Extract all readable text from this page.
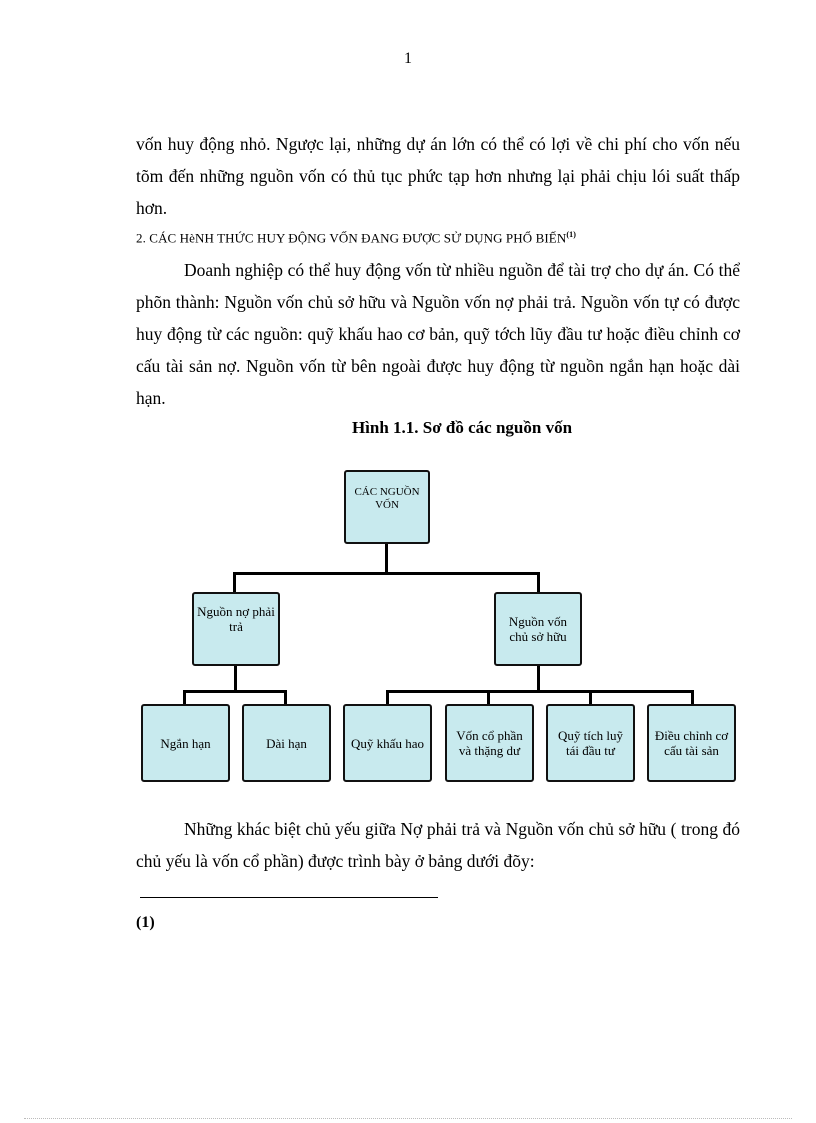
1
vốn huy động nhỏ. Ngược lại, những dự án lớn có thể có lợi về chi phí cho vốn nếu tõm đến những nguồn vốn có thủ tục phức tạp hơn nhưng lại phải chịu lói suất thấp hơn.
2. CÁC HèNH THỨC HUY ĐỘNG VỐN ĐANG ĐƯỢC SỬ DỤNG PHỔ BIẾN$^{(1)}$
Doanh nghiệp có thể huy động vốn từ nhiều nguồn để tài trợ cho dự án. Có thể phõn thành: Nguồn vốn chủ sở hữu và Nguồn vốn nợ phải trả. Nguồn vốn tự có được huy động từ các nguồn: quỹ khấu hao cơ bản, quỹ tớch lũy đầu tư hoặc điều chỉnh cơ cấu tài sản nợ. Nguồn vốn từ bên ngoài được huy động từ nguồn ngắn hạn hoặc dài hạn.
Hình 1.1. Sơ đồ các nguồn vốn
CÁC NGUỒN VỐN
Nguồn nợ phải trả	Nguồn vốn chủ sở hữu
Ngắn hạn	Dài hạn	Quỹ khấu hao	Vốn cổ phần và thặng dư
Quỹ tích luỹ tái đầu tư
Điều chỉnh cơ cấu tài sản
Những khác biệt chủ yếu giữa Nợ phải trả và Nguồn vốn chủ sở hữu ( trong đó chủ yếu là vốn cổ phần) được trình bày ở bảng dưới đõy:
(1)
